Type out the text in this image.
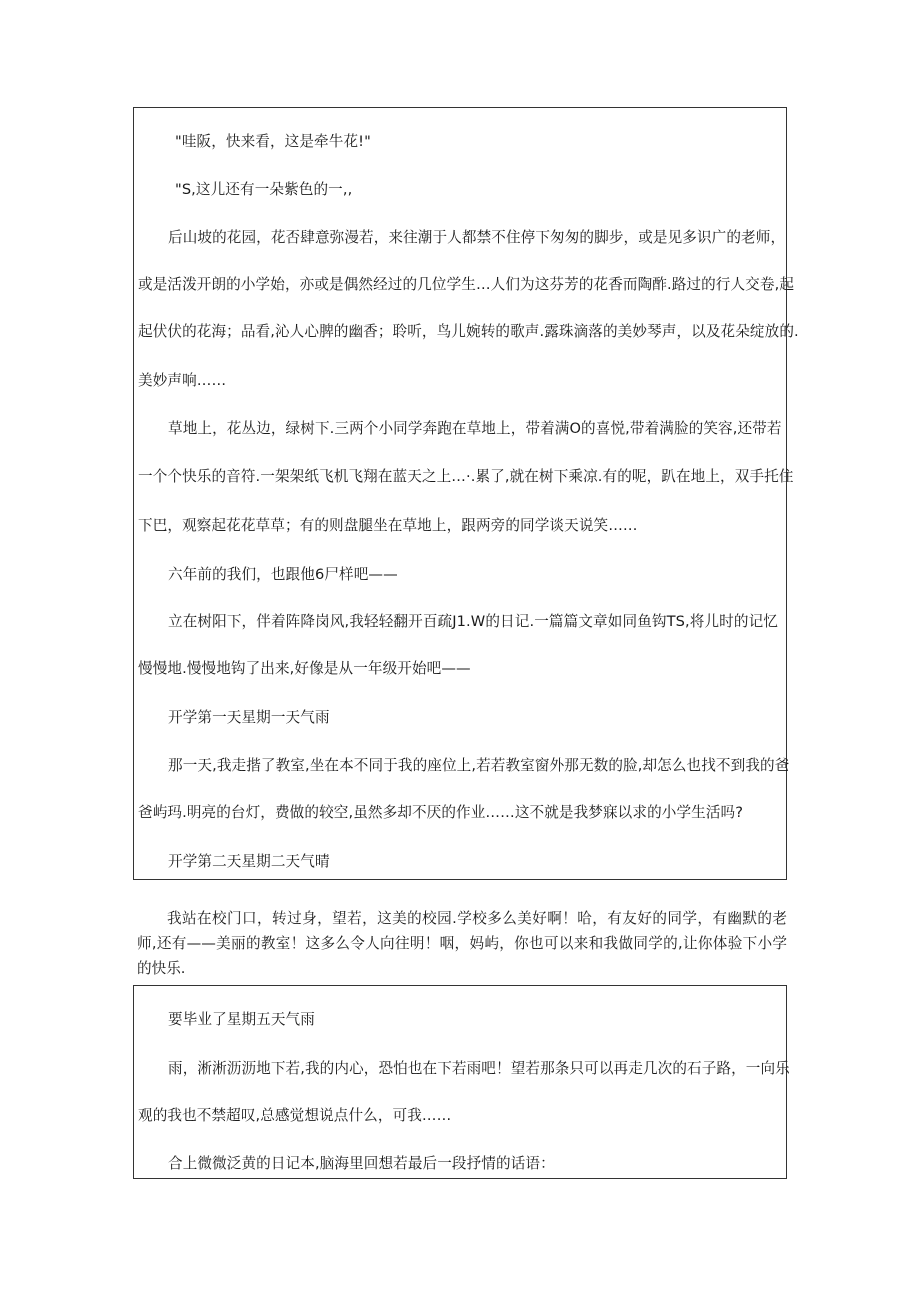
"哇阪，快来看，这是牵牛花!"
"S,这儿还有一朵紫色的一,,
后山坡的花园，花否肆意弥漫若，来往潮于人都禁不住停下匆匆的脚步，或是见多识广的老师，
或是活泼开朗的小学始，亦或是偶然经过的几位学生…人们为这芬芳的花香而陶酢.路过的行人交卷,起
起伏伏的花海；品看,沁人心脾的幽香；聆听，鸟儿婉转的歌声.露珠滴落的美妙琴声，以及花朵绽放的.
美妙声响……
草地上，花丛边，绿树下.三两个小同学奔跑在草地上，带着满O的喜悦,带着满脸的笑容,还带若
一个个快乐的音符.一架架纸飞机飞翔在蓝天之上…·.累了,就在树下乘凉.有的呢，趴在地上，双手托住
下巴，观察起花花草草；有的则盘腿坐在草地上，跟两旁的同学谈天说笑……
六年前的我们，也跟他6尸样吧——
立在树阳下，伴着阵降岗风,我轻轻翻开百疏J1.W的日记.一篇篇文章如同鱼钩TS,将儿时的记忆
慢慢地.慢慢地钩了出来,好像是从一年级开始吧——
开学第一天星期一天气雨
那一天,我走揩了教室,坐在本不同于我的座位上,若若教室窗外那无数的脸,却怎么也找不到我的爸
爸屿玛.明亮的台灯，费做的较空,虽然多却不厌的作业……这不就是我梦寐以求的小学生活吗?
开学第二天星期二天气晴
我站在校门口，转过身，望若，这美的校园.学校多么美好啊！哈，有友好的同学，有幽默的老
师,还有——美丽的教室！这多么令人向往明！咽，妈屿，你也可以来和我做同学的,让你体验下小学
的快乐.
要毕业了星期五天气雨
雨，淅淅沥沥地下若,我的内心，恐怕也在下若雨吧！望若那条只可以再走几次的石子路，一向乐
观的我也不禁超叹,总感觉想说点什么，可我……
合上微微泛黄的日记本,脑海里回想若最后一段抒情的话语：
